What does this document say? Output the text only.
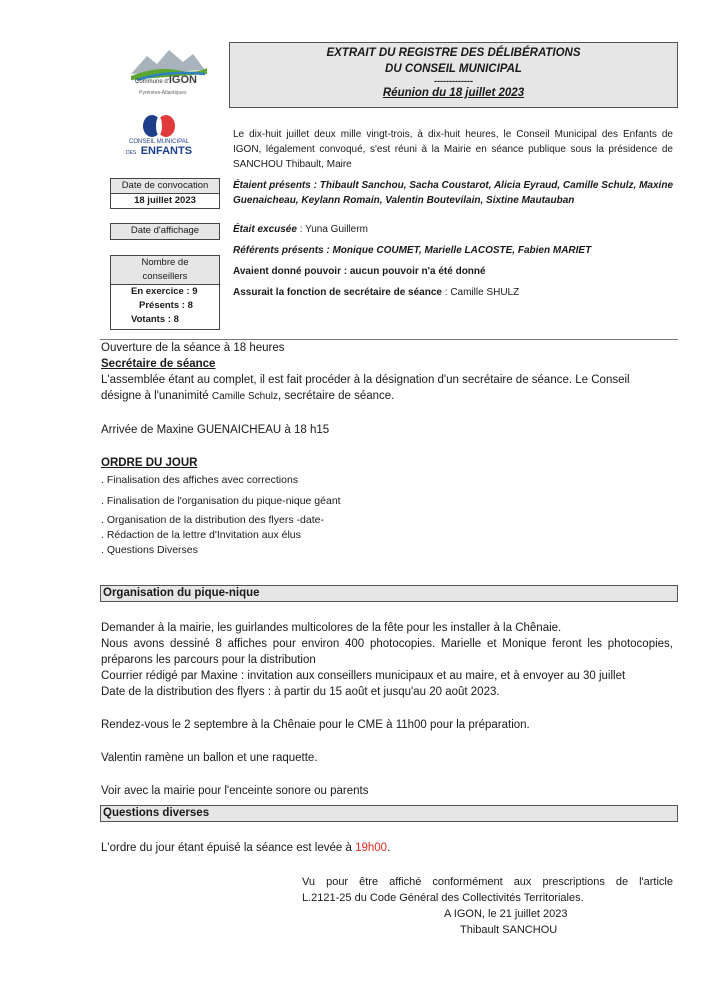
Commune d'IGON
Pyrénées-Atlantiques
CONSEIL MUNICIPAL
DES ENFANTS
EXTRAIT DU REGISTRE DES DÉLIBÉRATIONS
DU CONSEIL MUNICIPAL
-------------
Réunion du 18 juillet 2023
Date de convocation
18 juillet 2023
Date d'affichage
Nombre de
conseillers
En exercice : 9
Présents : 8
Votants : 8
Le dix-huit juillet deux mille vingt-trois, à dix-huit heures, le Conseil Municipal des Enfants de IGON, légalement convoqué, s'est réuni à la Mairie en séance publique sous la présidence de SANCHOU Thibault, Maire
Étaient présents : Thibault Sanchou, Sacha Coustarot, Alicia Eyraud, Camille Schulz, Maxine Guenaicheau, Keylann Romain, Valentin Boutevilain, Sixtine Mautauban
Était excusée : Yuna Guillerm
Référents présents : Monique COUMET, Marielle LACOSTE, Fabien MARIET
Avaient donné pouvoir : aucun pouvoir n'a été donné
Assurait la fonction de secrétaire de séance : Camille SHULZ
Ouverture de la séance à 18 heures
Secrétaire de séance
L'assemblée étant au complet, il est fait procéder à la désignation d'un secrétaire de séance. Le Conseil
désigne à l'unanimité Camille Schulz, secrétaire de séance.
Arrivée de Maxine GUENAICHEAU à 18 h15
ORDRE DU JOUR
. Finalisation des affiches avec corrections
. Finalisation de l'organisation du pique-nique géant
. Organisation de la distribution des flyers -date-
. Rédaction de la lettre d'Invitation aux élus
. Questions Diverses
Organisation du pique-nique
Demander à la mairie, les guirlandes multicolores de la fête pour les installer à la Chênaie.
Nous avons dessiné 8 affiches pour environ 400 photocopies. Marielle et Monique feront les photocopies, préparons les parcours pour la distribution
Courrier rédigé par Maxine : invitation aux conseillers municipaux et au maire, et à envoyer au 30 juillet
Date de la distribution des flyers : à partir du 15 août et jusqu'au 20 août 2023.
Rendez-vous le 2 septembre à la Chênaie pour le CME à 11h00 pour la préparation.
Valentin ramène un ballon et une raquette.
Voir avec la mairie pour l'enceinte sonore ou parents
Questions diverses
L'ordre du jour étant épuisé la séance est levée à 19h00.
Vu pour être affiché conformément aux prescriptions de l'article
L.2121-25 du Code Général des Collectivités Territoriales.
A IGON, le 21 juillet 2023
Thibault SANCHOU
